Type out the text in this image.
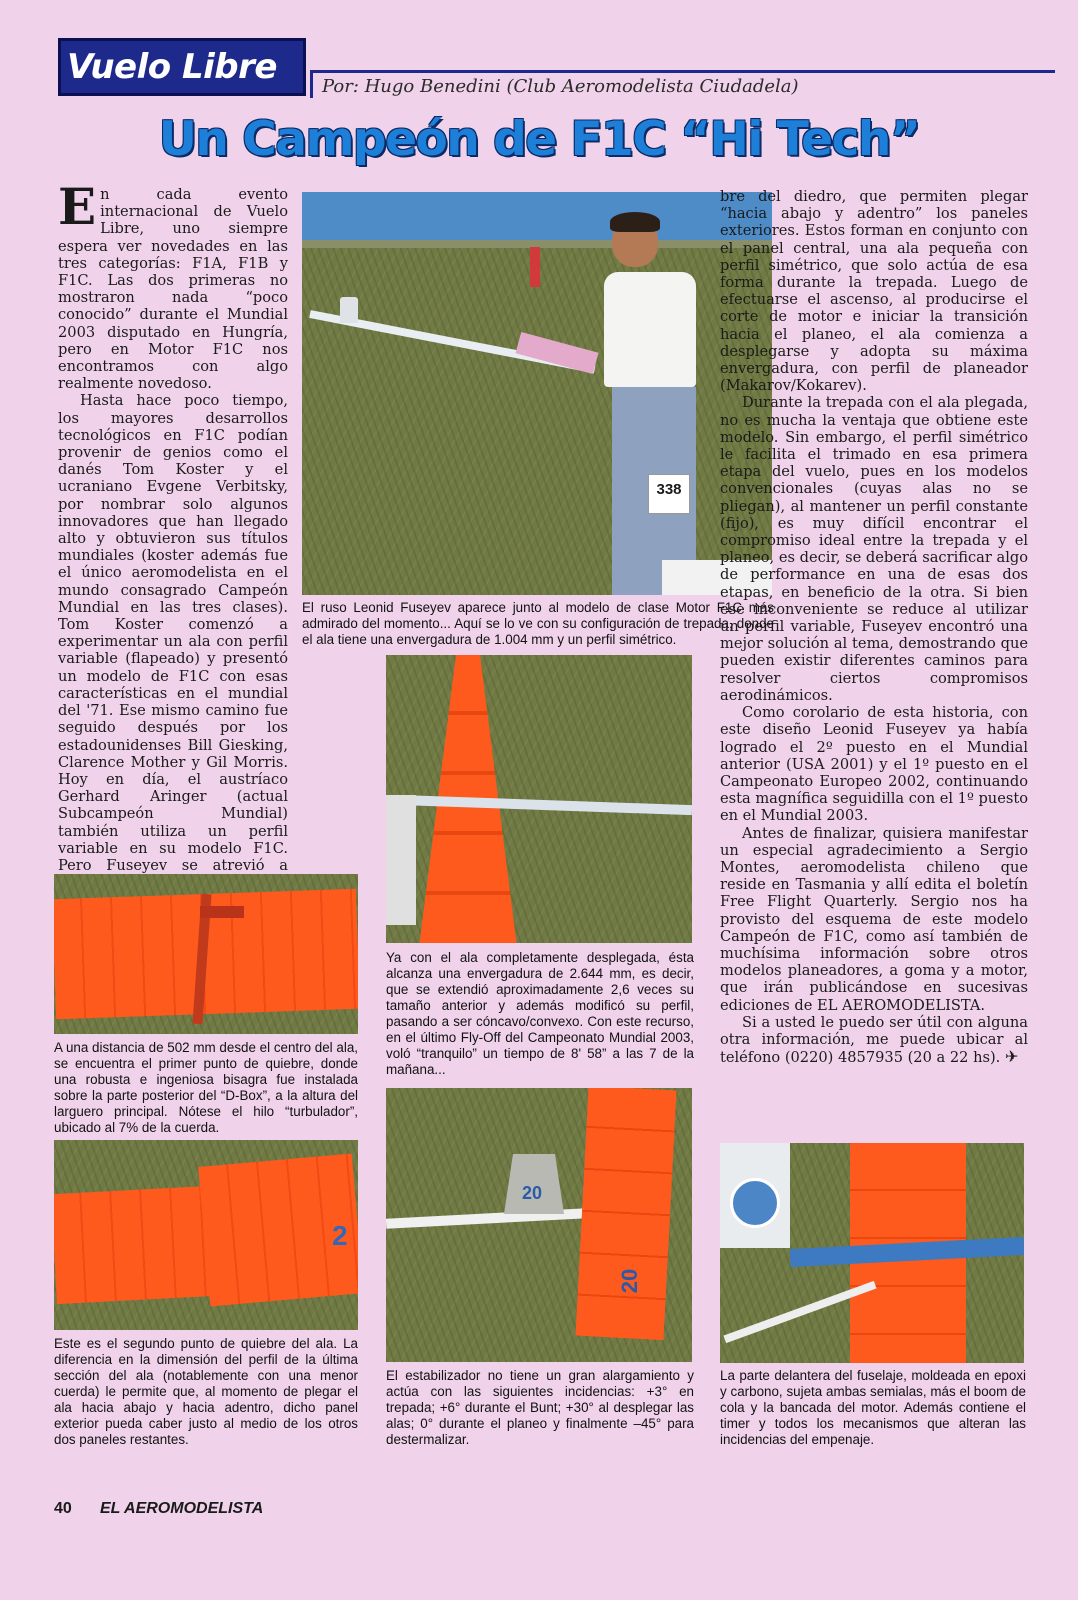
Vuelo Libre	Por: Hugo Benedini (Club Aeromodelista Ciudadela)
Un Campeón de F1C “Hi Tech”

En cada evento internacional de Vuelo Libre, uno siempre espera ver novedades en las tres categorías: F1A, F1B y F1C. Las dos primeras no mostraron nada “poco conocido” durante el Mundial 2003 disputado en Hungría, pero en Motor F1C nos encontramos con algo realmente novedoso.

Hasta hace poco tiempo, los mayores desarrollos tecnológicos en F1C podían provenir de genios como el danés Tom Koster y el ucraniano Evgene Verbitsky, por nombrar solo algunos innovadores que han llegado alto y obtuvieron sus títulos mundiales (koster además fue el único aeromodelista en el mundo consagrado Campeón Mundial en las tres clases). Tom Koster comenzó a experimentar un ala con perfil variable (flapeado) y presentó un modelo de F1C con esas características en el mundial del '71. Ese mismo camino fue seguido después por los estadounidenses Bill Giesking, Clarence Mother y Gil Morris. Hoy en día, el austríaco Gerhard Aringer (actual Subcampeón Mundial) también utiliza un perfil variable en su modelo F1C. Pero Fuseyev se atrevió a

338
El ruso Leonid Fuseyev aparece junto al modelo de clase Motor F1C más admirado del momento... Aquí se lo ve con su configuración de trepada, donde el ala tiene una envergadura de 1.004 mm y un perfil simétrico.

bre del diedro, que permiten plegar “hacia abajo y adentro” los paneles exteriores. Estos forman en conjunto con el panel central, una ala pequeña con perfil simétrico, que solo actúa de esa forma durante la trepada. Luego de efectuarse el ascenso, al producirse el corte de motor e iniciar la transición hacia el planeo, el ala comienza a desplegarse y adopta su máxima envergadura, con perfil de planeador (Makarov/Kokarev).

Durante la trepada con el ala plegada, no es mucha la ventaja que obtiene este modelo. Sin embargo, el perfil simétrico le facilita el trimado en esa primera etapa del vuelo, pues en los modelos convencionales (cuyas alas no se pliegan), al mantener un perfil constante (fijo), es muy difícil encontrar el compromiso ideal entre la trepada y el planeo, es decir, se deberá sacrificar algo de performance en una de esas dos etapas, en beneficio de la otra. Si bien ese inconveniente se reduce al utilizar un perfil variable, Fuseyev encontró una mejor solución al tema, demostrando que pueden existir diferentes caminos para resolver ciertos compromisos aerodinámicos.

Como corolario de esta historia, con este diseño Leonid Fuseyev ya había logrado el 2º puesto en el Mundial anterior (USA 2001) y el 1º puesto en el Campeonato Europeo 2002, continuando esta magnífica seguidilla con el 1º puesto en el Mundial 2003.

Antes de finalizar, quisiera manifestar un especial agradecimiento a Sergio Montes, aeromodelista chileno que reside en Tasmania y allí edita el boletín Free Flight Quarterly. Sergio nos ha provisto del esquema de este modelo Campeón de F1C, como así también de muchísima información sobre otros modelos planeadores, a goma y a motor, que irán publicándose en sucesivas ediciones de EL AEROMODELISTA.

Si a usted le puedo ser útil con alguna otra información, me puede ubicar al teléfono (0220) 4857935 (20 a 22 hs). ✈

A una distancia de 502 mm desde el centro del ala, se encuentra el primer punto de quiebre, donde una robusta e ingeniosa bisagra fue instalada sobre la parte posterior del “D-Box”, a la altura del larguero principal. Nótese el hilo “turbulador”, ubicado al 7% de la cuerda.
2
Este es el segundo punto de quiebre del ala. La diferencia en la dimensión del perfil de la última sección del ala (notablemente con una menor cuerda) le permite que, al momento de plegar el ala hacia abajo y hacia adentro, dicho panel exterior pueda caber justo al medio de los otros dos paneles restantes.
Ya con el ala completamente desplegada, ésta alcanza una envergadura de 2.644 mm, es decir, que se extendió aproximadamente 2,6 veces su tamaño anterior y además modificó su perfil, pasando a ser cóncavo/convexo. Con este recurso, en el último Fly-Off del Campeonato Mundial 2003, voló “tranquilo” un tiempo de 8' 58” a las 7 de la mañana...
20
20
El estabilizador no tiene un gran alargamiento y actúa con las siguientes incidencias: +3° en trepada; +6° durante el Bunt; +30° al desplegar las alas; 0° durante el planeo y finalmente –45° para destermalizar.
La parte delantera del fuselaje, moldeada en epoxi y carbono, sujeta ambas semialas, más el boom de cola y la bancada del motor. Además contiene el timer y todos los mecanismos que alteran las incidencias del empenaje.
40 EL AEROMODELISTA
